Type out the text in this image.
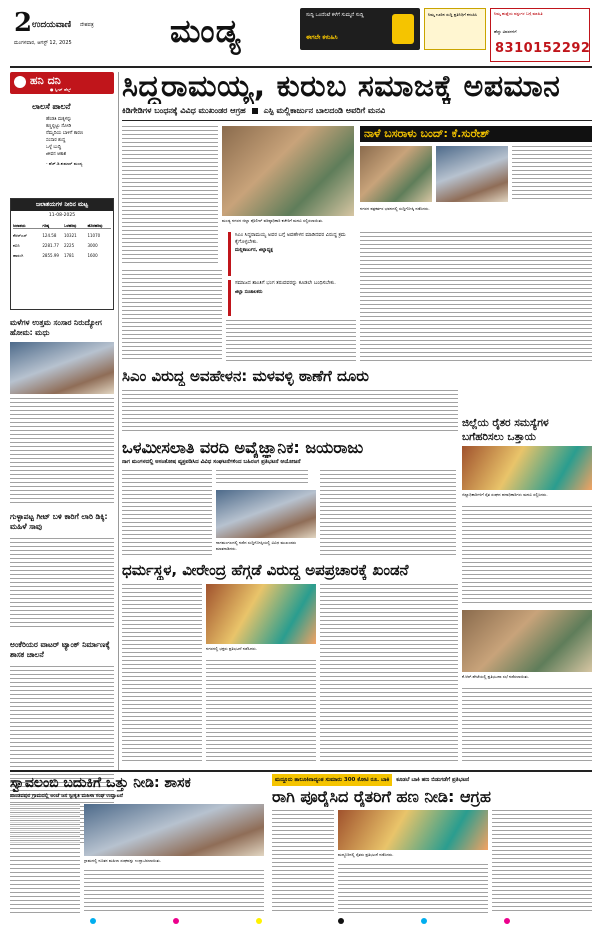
2 ಉದಯವಾಣಿ ದೇಶಪತ್ರ
ಮಂಗಳವಾರ, ಆಗಸ್ಟ್ 12, 2025	ಮಂಡ್ಯ	ಸುದ್ದಿ ಒಂದೆಂಟೆ ಕಳೆಗೆ ಸುಮ್ಮನೆ ಸುದ್ದಿ
ಈಗಲೇ ಕಳುಹಿಸಿ
ನಿಮ್ಮ ಊರಿನ ಸುದ್ದಿ ಪ್ರತಿನಿಧಿಗೆ ಕಳುಹಿಸಿ	ನಿಮ್ಮ ಹುತ್ತೆಯ ವಸ್ತುಗಳ ಬಗ್ಗೆ ಮಾಹಿತಿ
ಹೆಚ್ಚು ವಿವರಗಳಿಗೆ
8310152292
ಹನಿ ದನಿ
● ಸ್ವೀಟ್ ಹೆಲ್ತ್
ಲಾಲಸೆ ಪಾಲನೆ
ಹೆಂಡತಿ ಮಕ್ಕಳನ್ನು
ಕಣ್ಣಲ್ಲಿಟ್ಟು ನೋಡಿ
ನೆಮ್ಮದಿಯ ಬಾಳಿಗೆ ಕಾರಣ
ಸಂಸಾರ ಶುದ್ಧ
ಒಳ್ಳೆ ಬುದ್ಧಿ
ಜೀವನ ಆಕಾಶ
- ಹೆಚ್.ಡಿ.ಕುಮಾರ್ ಮಂಡ್ಯ
ಜಲಾಶಯಗಳ ನೀರಿನ ಮಟ್ಟ
11-08-2025
ಜಲಾಶಯ	ಗರಿಷ್ಠ	ಒಳಹರಿವು	ಹೊರಹರಿವು
ಕೆಆರ್‌ಎಸ್	124.58	10321	11070
ಕಬಿನಿ	2281.77	2225	3000
ಹಾರಂಗಿ	2855.99	1781	1600
ಮಳೆಗಳ ಉತ್ತಮ ಸಂಸಾರ ನಿರುದ್ಯೋಗ ಹೋಮ: ಮಧು
ಗುಳ್ಳಾಪಟ್ಟ ಗೀಟ್ ಬಳಿ ಕಾರಿಗೆ ಲಾರಿ ಡಿಕ್ಕಿ: ಮಹಿಳೆ ಸಾವು
ಅಂಕೆರಿಯರ ವಾಟರ್ ಟ್ಯಾಂಕ್ ನಿರ್ಮಾಣಕ್ಕೆ ಶಾಸಕ ಚಾಲನೆ
ಸಿದ್ದರಾಮಯ್ಯ, ಕುರುಬ ಸಮಾಜಕ್ಕೆ ಅಪಮಾನ
ಕಿಡಿಗೇಡಿಗಳ ಬಂಧನಕ್ಕೆ ವಿವಿಧ ಮುಖಂಡರ ಆಗ್ರಹ ಎಸ್ಪಿ ಮಲ್ಲಿಕಾರ್ಜುನ ಬಾಲದಂಡಿ ಅವರಿಗೆ ಮನವಿ
ಮಂಡ್ಯ ನಗರದ ಜಿಲ್ಲಾ ಪೊಲೀಸ್ ವರಿಷ್ಠಾಧಿಕಾರಿ ಕಚೇರಿಗೆ ಮನವಿ ಸಲ್ಲಿಸಲಾಯಿತು.
ಸಿಎಂ ಸಿದ್ದರಾಮಯ್ಯ ಅವರ ಬಗ್ಗೆ ಅವಹೇಳನ ಮಾಡಿದವರ ವಿರುದ್ಧ ಕ್ರಮ ಕೈಗೊಳ್ಳಬೇಕು.
ಮಲ್ಲಿಕಾರ್ಜುನ, ಜಿಲ್ಲಾಧ್ಯಕ್ಷ
ಸಮಾಜದ ಶಾಂತಿಗೆ ಭಂಗ ತರುವವರನ್ನು ಕೂಡಲೇ ಬಂಧಿಸಬೇಕು.
ಜಿಲ್ಲಾ ಸಂಚಾಲಕರು
ನಾಳೆ ಬಸರಾಳು ಬಂದ್: ಕೆ.ಸುರೇಶ್
ನಗರದ ಪತ್ರಕರ್ತರ ಭವನದಲ್ಲಿ ಸುದ್ದಿಗೋಷ್ಠಿ ನಡೆಸಿದರು.
ಸಿಎಂ ವಿರುದ್ಧ ಅವಹೇಳನ: ಮಳವಳ್ಳಿ ಠಾಣೆಗೆ ದೂರು
ಒಳಮೀಸಲಾತಿ ವರದಿ ಅವೈಜ್ಞಾನಿಕ: ಜಯರಾಜು
ನಾಗ ಮಂಗಳದಲ್ಲಿ ಅಸಂತೋಷ ವ್ಯಕ್ತಪಡಿಸಿದ ವಿವಿಧ ಸಂಘಟನೆಗಳಿಂದ ಬಹಿರಂಗ ಪ್ರತಿಭಟನೆ ಆಯೋಜನೆ
ನಾಗಮಂಗಲದಲ್ಲಿ ನಡೆದ ಸುದ್ದಿಗೋಷ್ಠಿಯಲ್ಲಿ ವಿವಿಧ ಮುಖಂಡರು ಮಾತನಾಡಿದರು.
ಜಿಲ್ಲೆಯ ರೈತರ ಸಮಸ್ಯೆಗಳ ಬಗೆಹರಿಸಲು ಒತ್ತಾಯ
ಜಿಲ್ಲಾಧಿಕಾರಿಗಳಿಗೆ ರೈತ ಸಂಘದ ಪದಾಧಿಕಾರಿಗಳು ಮನವಿ ಸಲ್ಲಿಸಿದರು.
ಧರ್ಮಸ್ಥಳ, ವೀರೇಂದ್ರ ಹೆಗ್ಗಡೆ ವಿರುದ್ಧ ಅಪಪ್ರಚಾರಕ್ಕೆ ಖಂಡನೆ
ನಗರದಲ್ಲಿ ಭಕ್ತರು ಪ್ರತಿಭಟನೆ ನಡೆಸಿದರು.
ಕೆ.ಆರ್.ಪೇಟೆಯಲ್ಲಿ ಪ್ರತಿಭಟನಾ ಸಭೆ ನಡೆಸಲಾಯಿತು.
ಸ್ವಾವಲಂಬಿ ಬದುಕಿಗೆ ಒತ್ತು ನೀಡಿ: ಶಾಸಕ
ಪಾಂಡವಪುರ ಗ್ರಾಮದಲ್ಲಿ ಅಂಚೆ ಜನ ಸ್ವೀಕೃತಿ ಮಹಿಳಾ ಸಂಘ ಉದ್ಘಾಟನೆ
ಗ್ರಾಮದಲ್ಲಿ ನೂತನ ಮಹಿಳಾ ಸಂಘವನ್ನು ಉದ್ಘಾಟಿಸಲಾಯಿತು.
ಮದ್ದೂರು ತಾಲೂಕಿನಾದ್ಯಂತ ಸುಮಾರು 300 ಕೋಟಿ ರೂ. ಬಾಕಿ	ಕೂಡಲೆ ಬಾಕಿ ಹಣ ಬಿಡುಗಡೆಗೆ ಪ್ರತಿಭಟನೆ
ರಾಗಿ ಪೂರೈಸಿದ ರೈತರಿಗೆ ಹಣ ನೀಡಿ: ಆಗ್ರಹ
ಮದ್ದೂರಿನಲ್ಲಿ ರೈತರು ಪ್ರತಿಭಟನೆ ನಡೆಸಿದರು.
